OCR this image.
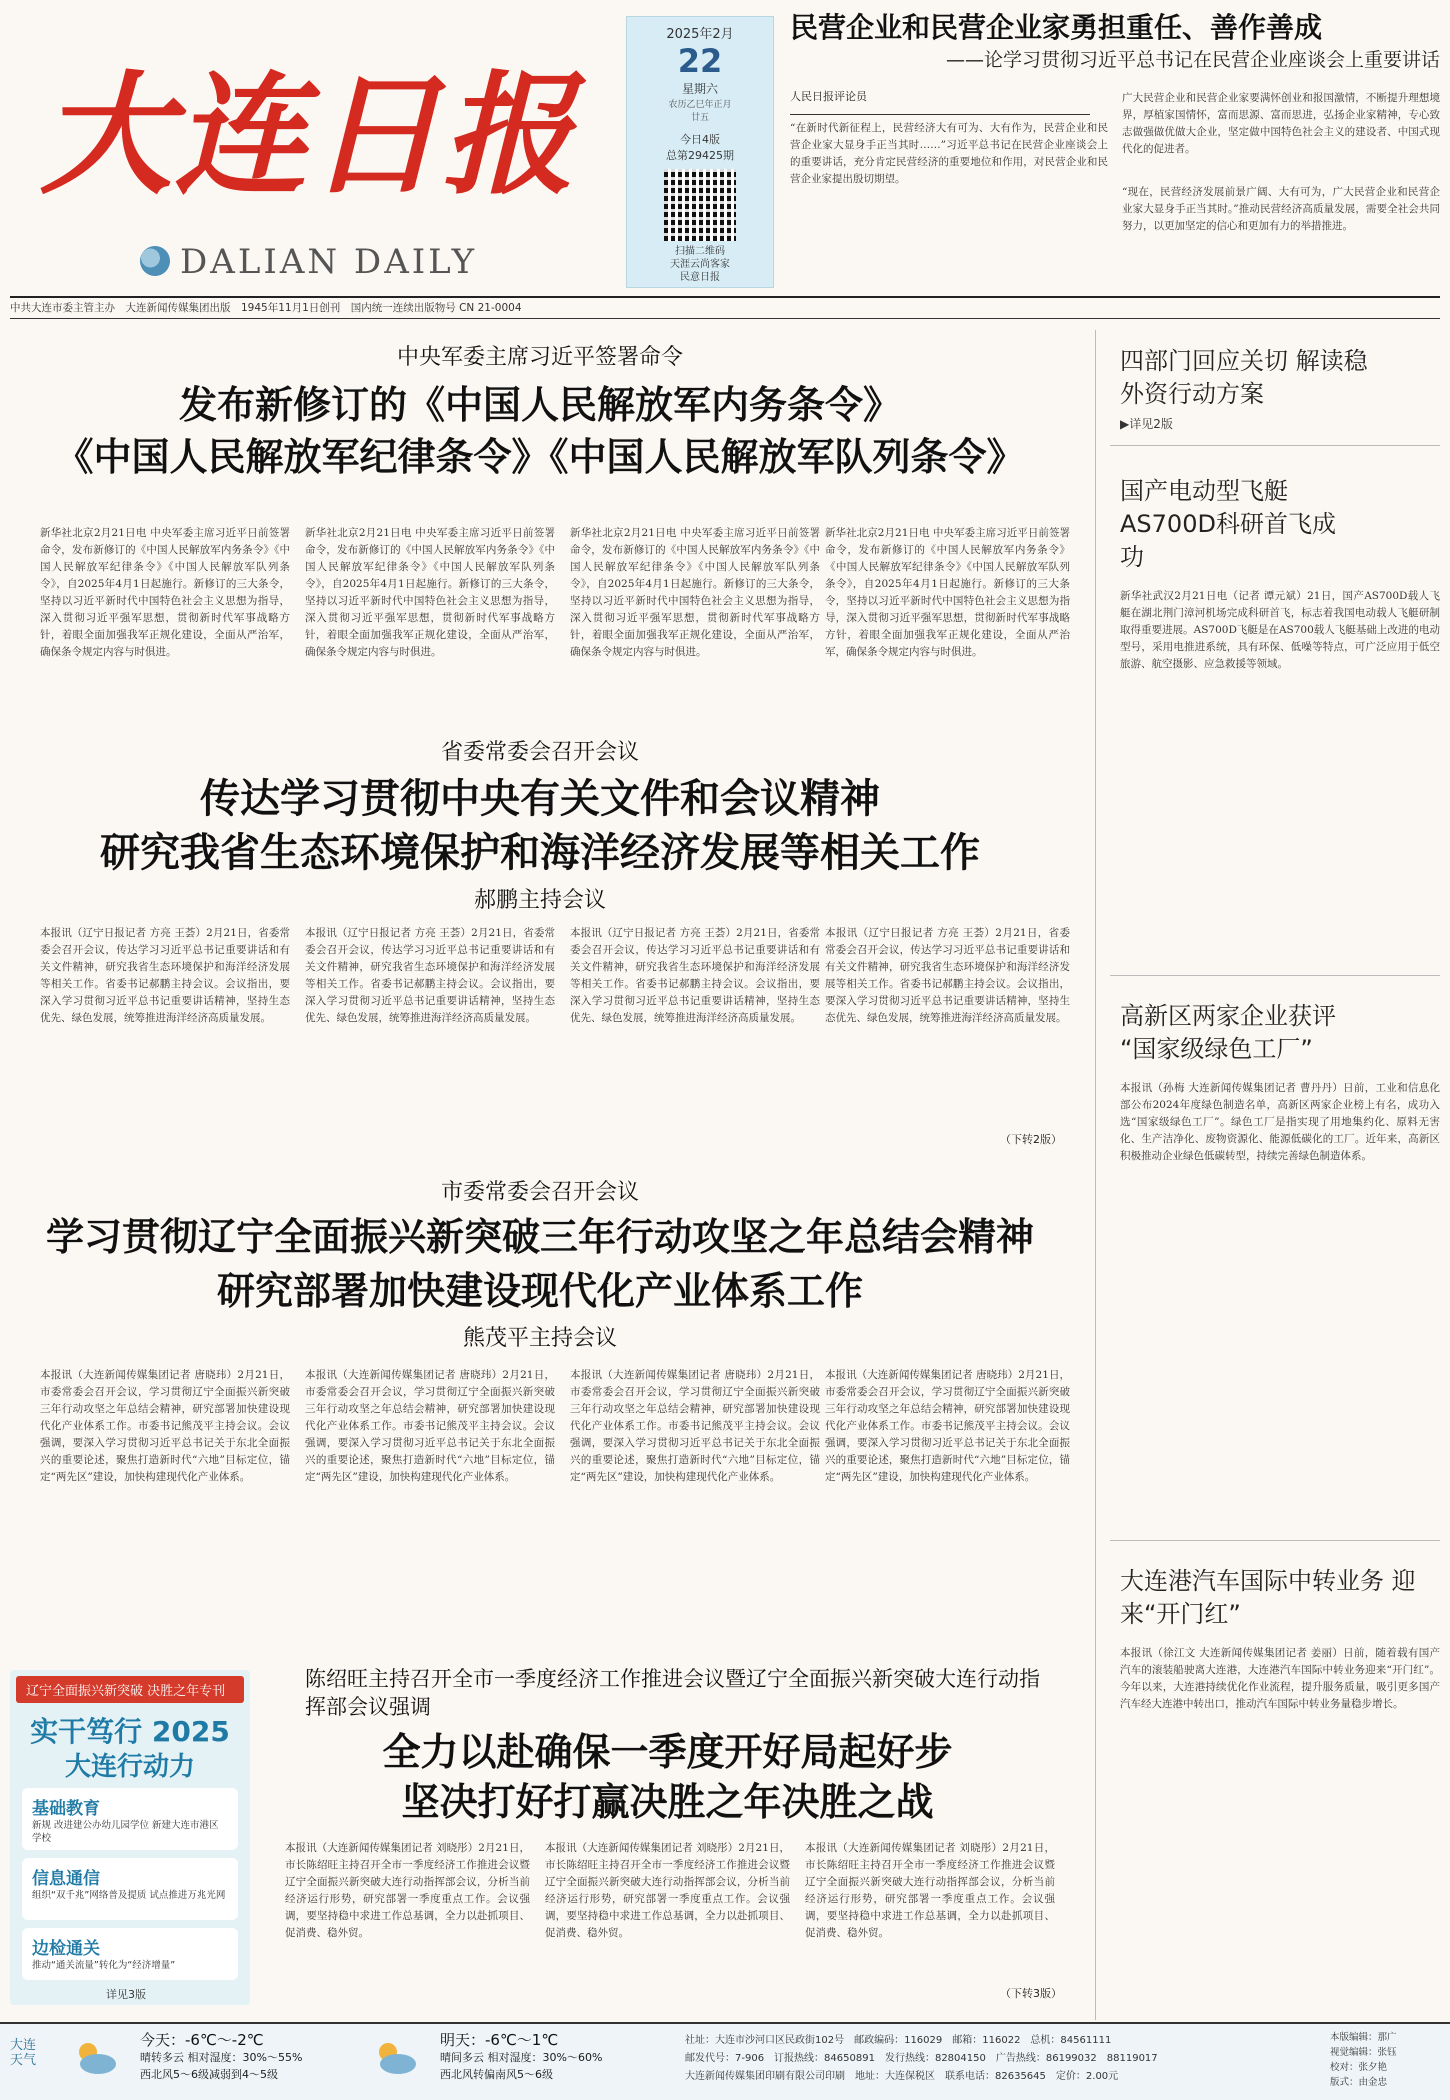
大连日报
DALIAN DAILY
2025年2月
22
星期六
农历乙巳年正月廿五
今日4版
总第29425期
扫描二维码
天涯云尚客家
民意日报
民营企业和民营企业家勇担重任、善作善成
——论学习贯彻习近平总书记在民营企业座谈会上重要讲话
人民日报评论员
“在新时代新征程上，民营经济大有可为、大有作为，民营企业和民营企业家大显身手正当其时……”习近平总书记在民营企业座谈会上的重要讲话，充分肯定民营经济的重要地位和作用，对民营企业和民营企业家提出殷切期望。
广大民营企业和民营企业家要满怀创业和报国激情，不断提升理想境界，厚植家国情怀，富而思源、富而思进，弘扬企业家精神，专心致志做强做优做大企业，坚定做中国特色社会主义的建设者、中国式现代化的促进者。
“现在，民营经济发展前景广阔、大有可为，广大民营企业和民营企业家大显身手正当其时。”推动民营经济高质量发展，需要全社会共同努力，以更加坚定的信心和更加有力的举措推进。
中共大连市委主管主办　大连新闻传媒集团出版　1945年11月1日创刊　国内统一连续出版物号 CN 21-0004
中央军委主席习近平签署命令
发布新修订的《中国人民解放军内务条令》
《中国人民解放军纪律条令》《中国人民解放军队列条令》
新华社北京2月21日电 中央军委主席习近平日前签署命令，发布新修订的《中国人民解放军内务条令》《中国人民解放军纪律条令》《中国人民解放军队列条令》，自2025年4月1日起施行。新修订的三大条令，坚持以习近平新时代中国特色社会主义思想为指导，深入贯彻习近平强军思想，贯彻新时代军事战略方针，着眼全面加强我军正规化建设，全面从严治军，确保条令规定内容与时俱进。
新华社北京2月21日电 中央军委主席习近平日前签署命令，发布新修订的《中国人民解放军内务条令》《中国人民解放军纪律条令》《中国人民解放军队列条令》，自2025年4月1日起施行。新修订的三大条令，坚持以习近平新时代中国特色社会主义思想为指导，深入贯彻习近平强军思想，贯彻新时代军事战略方针，着眼全面加强我军正规化建设，全面从严治军，确保条令规定内容与时俱进。
新华社北京2月21日电 中央军委主席习近平日前签署命令，发布新修订的《中国人民解放军内务条令》《中国人民解放军纪律条令》《中国人民解放军队列条令》，自2025年4月1日起施行。新修订的三大条令，坚持以习近平新时代中国特色社会主义思想为指导，深入贯彻习近平强军思想，贯彻新时代军事战略方针，着眼全面加强我军正规化建设，全面从严治军，确保条令规定内容与时俱进。
新华社北京2月21日电 中央军委主席习近平日前签署命令，发布新修订的《中国人民解放军内务条令》《中国人民解放军纪律条令》《中国人民解放军队列条令》，自2025年4月1日起施行。新修订的三大条令，坚持以习近平新时代中国特色社会主义思想为指导，深入贯彻习近平强军思想，贯彻新时代军事战略方针，着眼全面加强我军正规化建设，全面从严治军，确保条令规定内容与时俱进。
省委常委会召开会议
传达学习贯彻中央有关文件和会议精神
研究我省生态环境保护和海洋经济发展等相关工作
郝鹏主持会议
本报讯（辽宁日报记者 方亮 王荟）2月21日，省委常委会召开会议，传达学习习近平总书记重要讲话和有关文件精神，研究我省生态环境保护和海洋经济发展等相关工作。省委书记郝鹏主持会议。会议指出，要深入学习贯彻习近平总书记重要讲话精神，坚持生态优先、绿色发展，统筹推进海洋经济高质量发展。
本报讯（辽宁日报记者 方亮 王荟）2月21日，省委常委会召开会议，传达学习习近平总书记重要讲话和有关文件精神，研究我省生态环境保护和海洋经济发展等相关工作。省委书记郝鹏主持会议。会议指出，要深入学习贯彻习近平总书记重要讲话精神，坚持生态优先、绿色发展，统筹推进海洋经济高质量发展。
本报讯（辽宁日报记者 方亮 王荟）2月21日，省委常委会召开会议，传达学习习近平总书记重要讲话和有关文件精神，研究我省生态环境保护和海洋经济发展等相关工作。省委书记郝鹏主持会议。会议指出，要深入学习贯彻习近平总书记重要讲话精神，坚持生态优先、绿色发展，统筹推进海洋经济高质量发展。
本报讯（辽宁日报记者 方亮 王荟）2月21日，省委常委会召开会议，传达学习习近平总书记重要讲话和有关文件精神，研究我省生态环境保护和海洋经济发展等相关工作。省委书记郝鹏主持会议。会议指出，要深入学习贯彻习近平总书记重要讲话精神，坚持生态优先、绿色发展，统筹推进海洋经济高质量发展。
（下转2版）
市委常委会召开会议
学习贯彻辽宁全面振兴新突破三年行动攻坚之年总结会精神
研究部署加快建设现代化产业体系工作
熊茂平主持会议
本报讯（大连新闻传媒集团记者 唐晓玮）2月21日，市委常委会召开会议，学习贯彻辽宁全面振兴新突破三年行动攻坚之年总结会精神，研究部署加快建设现代化产业体系工作。市委书记熊茂平主持会议。会议强调，要深入学习贯彻习近平总书记关于东北全面振兴的重要论述，聚焦打造新时代“六地”目标定位，锚定“两先区”建设，加快构建现代化产业体系。
本报讯（大连新闻传媒集团记者 唐晓玮）2月21日，市委常委会召开会议，学习贯彻辽宁全面振兴新突破三年行动攻坚之年总结会精神，研究部署加快建设现代化产业体系工作。市委书记熊茂平主持会议。会议强调，要深入学习贯彻习近平总书记关于东北全面振兴的重要论述，聚焦打造新时代“六地”目标定位，锚定“两先区”建设，加快构建现代化产业体系。
本报讯（大连新闻传媒集团记者 唐晓玮）2月21日，市委常委会召开会议，学习贯彻辽宁全面振兴新突破三年行动攻坚之年总结会精神，研究部署加快建设现代化产业体系工作。市委书记熊茂平主持会议。会议强调，要深入学习贯彻习近平总书记关于东北全面振兴的重要论述，聚焦打造新时代“六地”目标定位，锚定“两先区”建设，加快构建现代化产业体系。
本报讯（大连新闻传媒集团记者 唐晓玮）2月21日，市委常委会召开会议，学习贯彻辽宁全面振兴新突破三年行动攻坚之年总结会精神，研究部署加快建设现代化产业体系工作。市委书记熊茂平主持会议。会议强调，要深入学习贯彻习近平总书记关于东北全面振兴的重要论述，聚焦打造新时代“六地”目标定位，锚定“两先区”建设，加快构建现代化产业体系。
辽宁全面振兴新突破 决胜之年专刊
实干笃行 2025
大连行动力
基础教育
新规 改进建公办幼儿园学位 新建大连市港区学校
信息通信
组织“双千兆”网络普及提质 试点推进万兆光网
边检通关
推动“通关流量”转化为“经济增量”
详见3版
陈绍旺主持召开全市一季度经济工作推进会议暨辽宁全面振兴新突破大连行动指挥部会议强调
全力以赴确保一季度开好局起好步
坚决打好打赢决胜之年决胜之战
本报讯（大连新闻传媒集团记者 刘晓彤）2月21日，市长陈绍旺主持召开全市一季度经济工作推进会议暨辽宁全面振兴新突破大连行动指挥部会议，分析当前经济运行形势，研究部署一季度重点工作。会议强调，要坚持稳中求进工作总基调，全力以赴抓项目、促消费、稳外贸。
本报讯（大连新闻传媒集团记者 刘晓彤）2月21日，市长陈绍旺主持召开全市一季度经济工作推进会议暨辽宁全面振兴新突破大连行动指挥部会议，分析当前经济运行形势，研究部署一季度重点工作。会议强调，要坚持稳中求进工作总基调，全力以赴抓项目、促消费、稳外贸。
本报讯（大连新闻传媒集团记者 刘晓彤）2月21日，市长陈绍旺主持召开全市一季度经济工作推进会议暨辽宁全面振兴新突破大连行动指挥部会议，分析当前经济运行形势，研究部署一季度重点工作。会议强调，要坚持稳中求进工作总基调，全力以赴抓项目、促消费、稳外贸。
（下转3版）
四部门回应关切 解读稳外资行动方案
▶详见2版
国产电动型飞艇 AS700D科研首飞成功
新华社武汉2月21日电（记者 谭元斌）21日，国产AS700D载人飞艇在湖北荆门漳河机场完成科研首飞，标志着我国电动载人飞艇研制取得重要进展。AS700D飞艇是在AS700载人飞艇基础上改进的电动型号，采用电推进系统，具有环保、低噪等特点，可广泛应用于低空旅游、航空摄影、应急救援等领域。
高新区两家企业获评 “国家级绿色工厂”
本报讯（孙梅 大连新闻传媒集团记者 曹丹丹）日前，工业和信息化部公布2024年度绿色制造名单，高新区两家企业榜上有名，成功入选“国家级绿色工厂”。绿色工厂是指实现了用地集约化、原料无害化、生产洁净化、废物资源化、能源低碳化的工厂。近年来，高新区积极推动企业绿色低碳转型，持续完善绿色制造体系。
大连港汽车国际中转业务 迎来“开门红”
本报讯（徐江文 大连新闻传媒集团记者 姜丽）日前，随着载有国产汽车的滚装船驶离大连港，大连港汽车国际中转业务迎来“开门红”。今年以来，大连港持续优化作业流程，提升服务质量，吸引更多国产汽车经大连港中转出口，推动汽车国际中转业务量稳步增长。
大连天气
今天：-6℃～-2℃
晴转多云 相对湿度：30%～55%
西北风5～6级减弱到4～5级
明天：-6℃～1℃
晴间多云 相对湿度：30%～60%
西北风转偏南风5～6级
社址：大连市沙河口区民政街102号　邮政编码：116029　邮箱：116022　总机：84561111
邮发代号：7-906　订报热线：84650891　发行热线：82804150　广告热线：86199032　88119017
大连新闻传媒集团印刷有限公司印刷　地址：大连保税区　联系电话：82635645　定价：2.00元
本版编辑：那广
视觉编辑：张钰
校对：张夕艳
版式：由金忠
